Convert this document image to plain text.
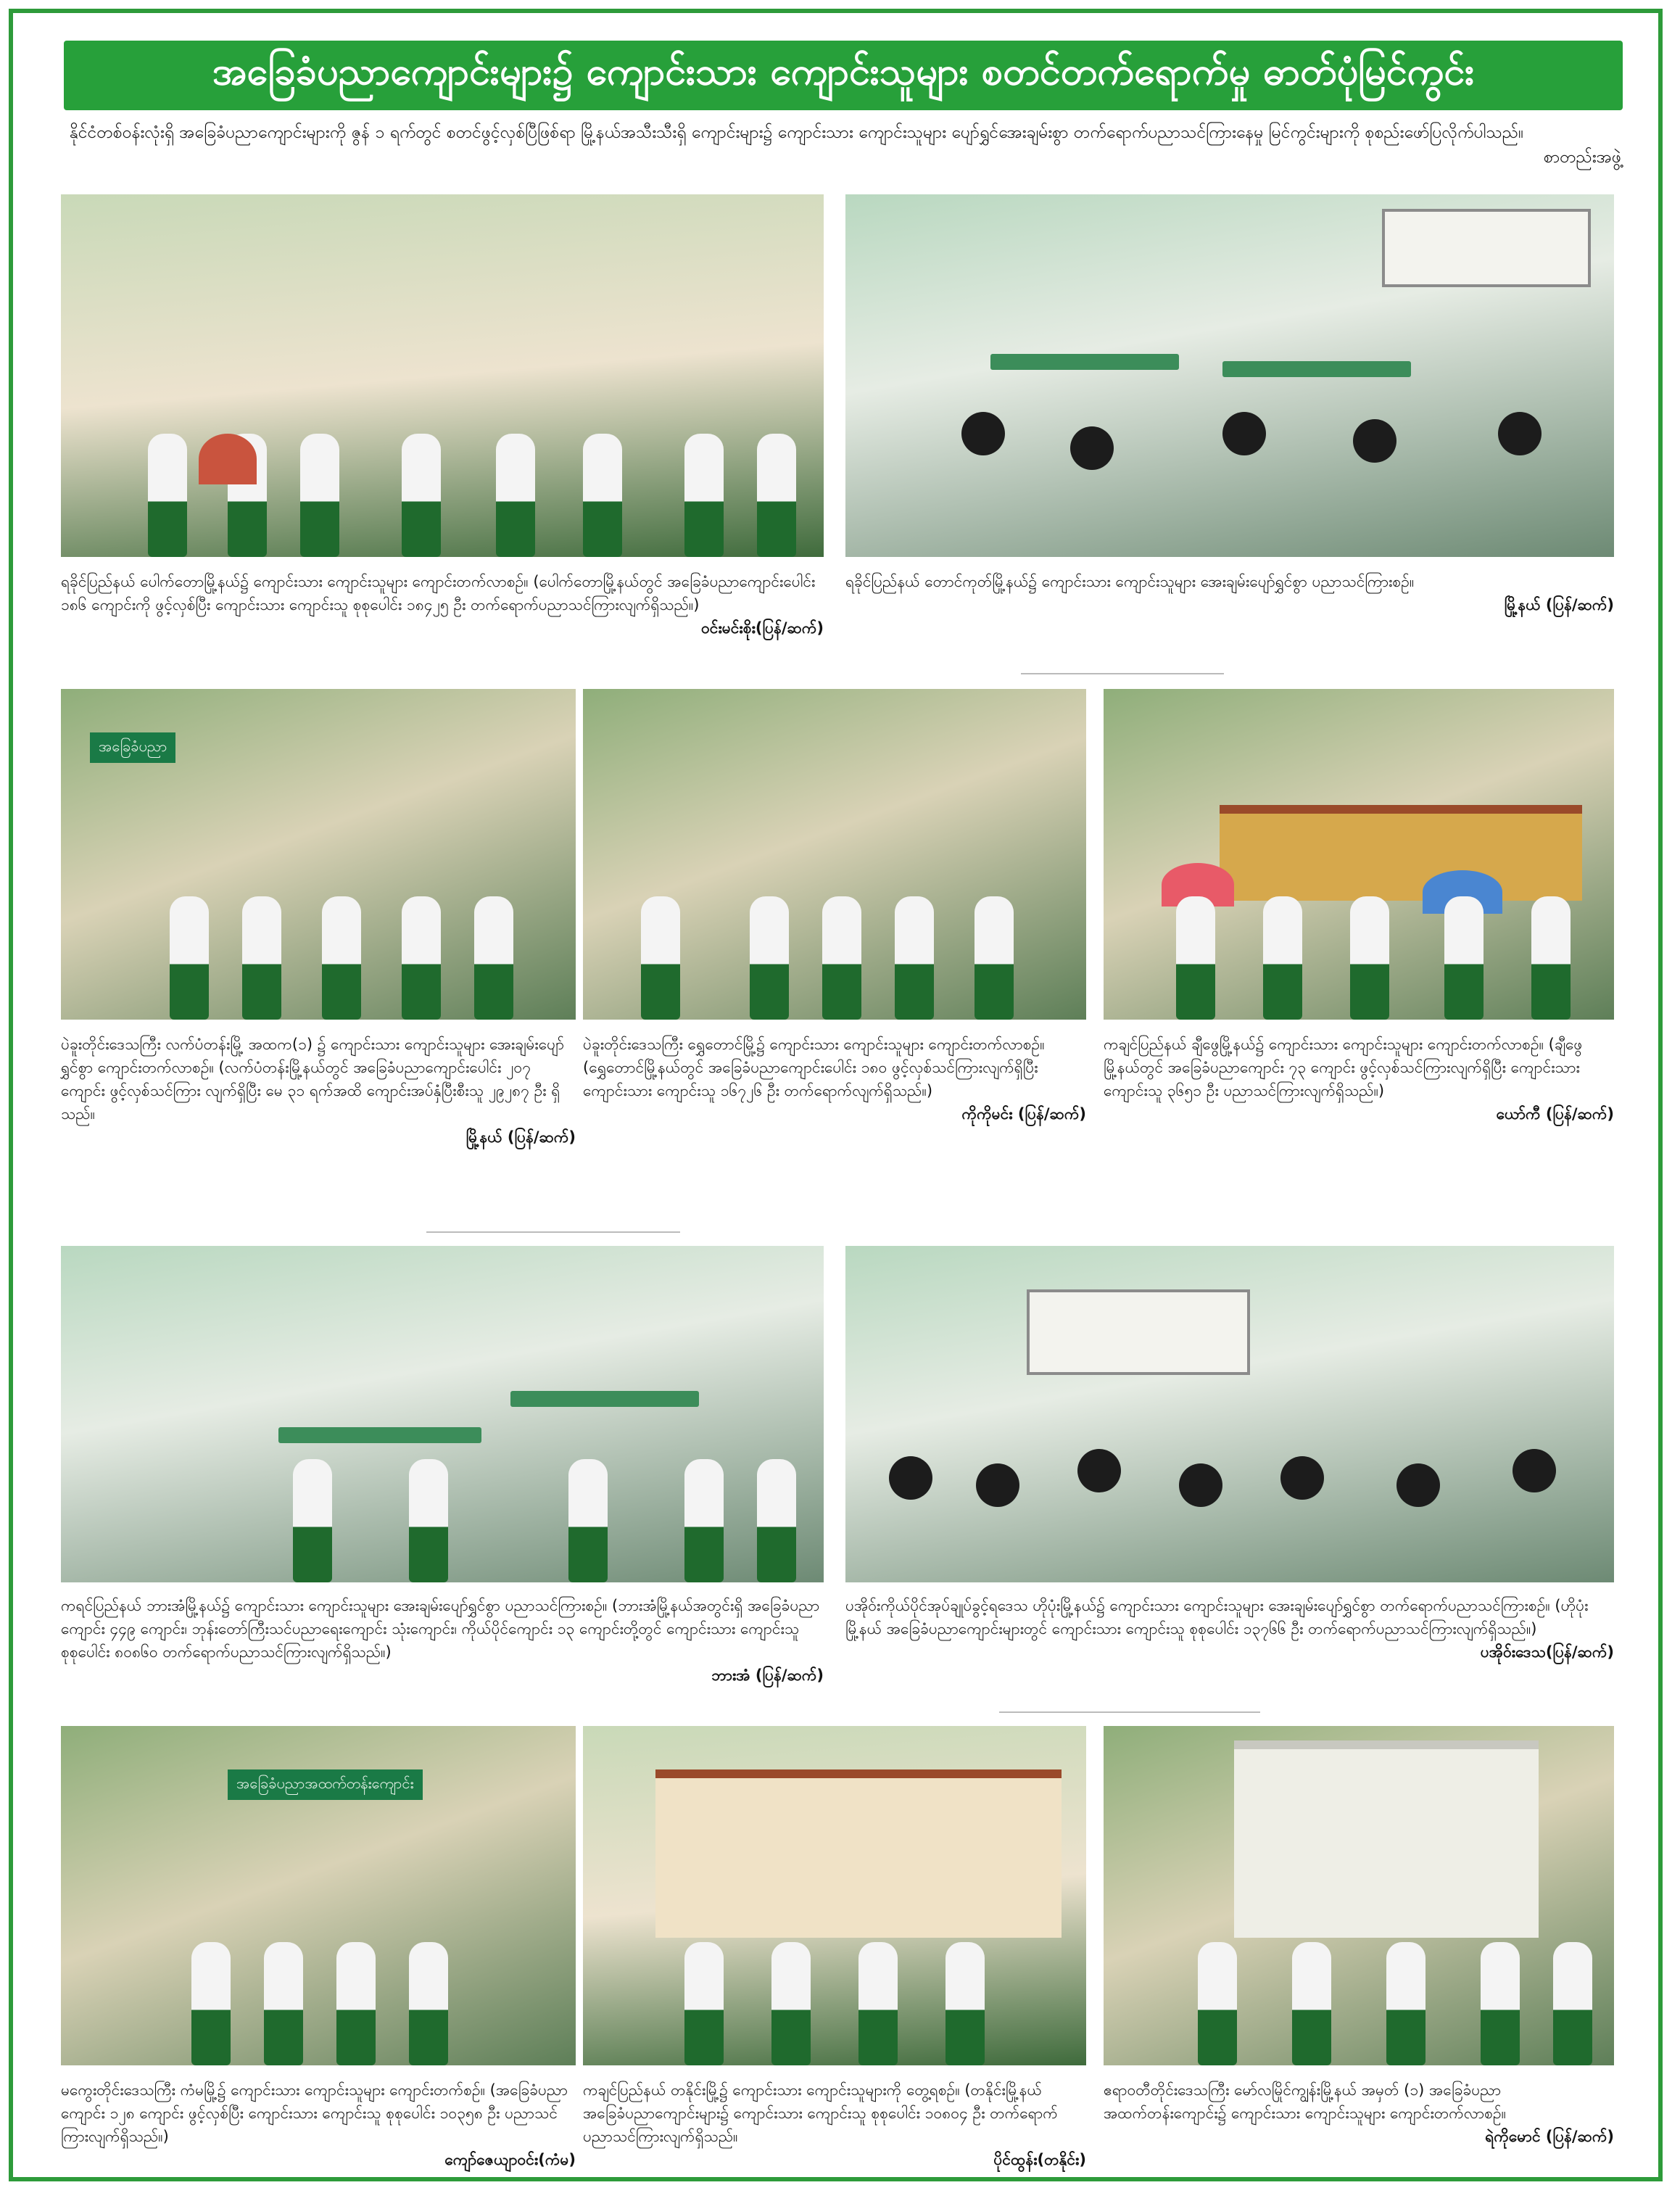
အခြေခံပညာကျောင်းများ၌ ကျောင်းသား ကျောင်းသူများ စတင်တက်ရောက်မှု ဓာတ်ပုံမြင်ကွင်း
နိုင်ငံတစ်ဝန်းလုံးရှိ အခြေခံပညာကျောင်းများကို ဇွန် ၁ ရက်တွင် စတင်ဖွင့်လှစ်ပြီဖြစ်ရာ မြို့နယ်အသီးသီးရှိ ကျောင်းများ၌ ကျောင်းသား ကျောင်းသူများ ပျော်ရွှင်အေးချမ်းစွာ တက်ရောက်ပညာသင်ကြားနေမှု မြင်ကွင်းများကို စုစည်းဖော်ပြလိုက်ပါသည်။
စာတည်းအဖွဲ့
ရခိုင်ပြည်နယ် ပေါက်တောမြို့နယ်၌ ကျောင်းသား ကျောင်းသူများ ကျောင်းတက်လာစဉ်။ (ပေါက်တောမြို့နယ်တွင် အခြေခံပညာကျောင်းပေါင်း ၁၈၆ ကျောင်းကို ဖွင့်လှစ်ပြီး ကျောင်းသား ကျောင်းသူ စုစုပေါင်း ၁၈၄၂၅ ဦး တက်ရောက်ပညာသင်ကြားလျက်ရှိသည်။)
ဝင်းမင်းစိုး(ပြန်/ဆက်)
ရခိုင်ပြည်နယ် တောင်ကုတ်မြို့နယ်၌ ကျောင်းသား ကျောင်းသူများ အေးချမ်းပျော်ရွှင်စွာ ပညာသင်ကြားစဉ်။
မြို့နယ် (ပြန်/ဆက်)
အခြေခံပညာ
ပဲခူးတိုင်းဒေသကြီး လက်ပံတန်းမြို့ အထက(၁) ၌ ကျောင်းသား ကျောင်းသူများ အေးချမ်းပျော်ရွှင်စွာ ကျောင်းတက်လာစဉ်။ (လက်ပံတန်းမြို့နယ်တွင် အခြေခံပညာကျောင်းပေါင်း ၂၀၇ ကျောင်း ဖွင့်လှစ်သင်ကြား လျက်ရှိပြီး မေ ၃၁ ရက်အထိ ကျောင်းအပ်နှံပြီးစီးသူ ၂၉၂၈၇ ဦး ရှိသည်။
မြို့နယ် (ပြန်/ဆက်)
ပဲခူးတိုင်းဒေသကြီး ရွှေတောင်မြို့၌ ကျောင်းသား ကျောင်းသူများ ကျောင်းတက်လာစဉ်။ (ရွှေတောင်မြို့နယ်တွင် အခြေခံပညာကျောင်းပေါင်း ၁၈၀ ဖွင့်လှစ်သင်ကြားလျက်ရှိပြီး ကျောင်းသား ကျောင်းသူ ၁၆၇၂၆ ဦး တက်ရောက်လျက်ရှိသည်။)
ကိုကိုမင်း (ပြန်/ဆက်)
ကချင်ပြည်နယ် ချီဖွေမြို့နယ်၌ ကျောင်းသား ကျောင်းသူများ ကျောင်းတက်လာစဉ်။ (ချီဖွေမြို့နယ်တွင် အခြေခံပညာကျောင်း ၇၃ ကျောင်း ဖွင့်လှစ်သင်ကြားလျက်ရှိပြီး ကျောင်းသား ကျောင်းသူ ၃၆၅၁ ဦး ပညာသင်ကြားလျက်ရှိသည်။)
ယော်ကီ (ပြန်/ဆက်)
ကရင်ပြည်နယ် ဘားအံမြို့နယ်၌ ကျောင်းသား ကျောင်းသူများ အေးချမ်းပျော်ရွှင်စွာ ပညာသင်ကြားစဉ်။ (ဘားအံမြို့နယ်အတွင်းရှိ အခြေခံပညာကျောင်း ၄၄၉ ကျောင်း၊ ဘုန်းတော်ကြီးသင်ပညာရေးကျောင်း သုံးကျောင်း၊ ကိုယ်ပိုင်ကျောင်း ၁၃ ကျောင်းတို့တွင် ကျောင်းသား ကျောင်းသူ စုစုပေါင်း ၈၀၈၆၀ တက်ရောက်ပညာသင်ကြားလျက်ရှိသည်။)
ဘားအံ (ပြန်/ဆက်)
ပအိုဝ်းကိုယ်ပိုင်အုပ်ချုပ်ခွင့်ရဒေသ ဟိုပုံးမြို့နယ်၌ ကျောင်းသား ကျောင်းသူများ အေးချမ်းပျော်ရွှင်စွာ တက်ရောက်ပညာသင်ကြားစဉ်။ (ဟိုပုံးမြို့နယ် အခြေခံပညာကျောင်းများတွင် ကျောင်းသား ကျောင်းသူ စုစုပေါင်း ၁၃၇၆၆ ဦး တက်ရောက်ပညာသင်ကြားလျက်ရှိသည်။)
ပအိုဝ်းဒေသ(ပြန်/ဆက်)
အခြေခံပညာအထက်တန်းကျောင်း
မကွေးတိုင်းဒေသကြီး ကံမမြို့၌ ကျောင်းသား ကျောင်းသူများ ကျောင်းတက်စဉ်။ (အခြေခံပညာကျောင်း ၁၂၈ ကျောင်း ဖွင့်လှစ်ပြီး ကျောင်းသား ကျောင်းသူ စုစုပေါင်း ၁၀၃၅၈ ဦး ပညာသင်ကြားလျက်ရှိသည်။)
ကျော်ဇေယျာဝင်း(ကံမ)
ကချင်ပြည်နယ် တနိုင်းမြို့၌ ကျောင်းသား ကျောင်းသူများကို တွေ့ရစဉ်။ (တနိုင်းမြို့နယ်အခြေခံပညာကျောင်းများ၌ ကျောင်းသား ကျောင်းသူ စုစုပေါင်း ၁၀၈၀၄ ဦး တက်ရောက်ပညာသင်ကြားလျက်ရှိသည်။
ပိုင်ထွန်း(တနိုင်း)
ဧရာဝတီတိုင်းဒေသကြီး မော်လမြိုင်ကျွန်းမြို့နယ် အမှတ် (၁) အခြေခံပညာအထက်တန်းကျောင်း၌ ကျောင်းသား ကျောင်းသူများ ကျောင်းတက်လာစဉ်။
ရဲကိုမောင် (ပြန်/ဆက်)
